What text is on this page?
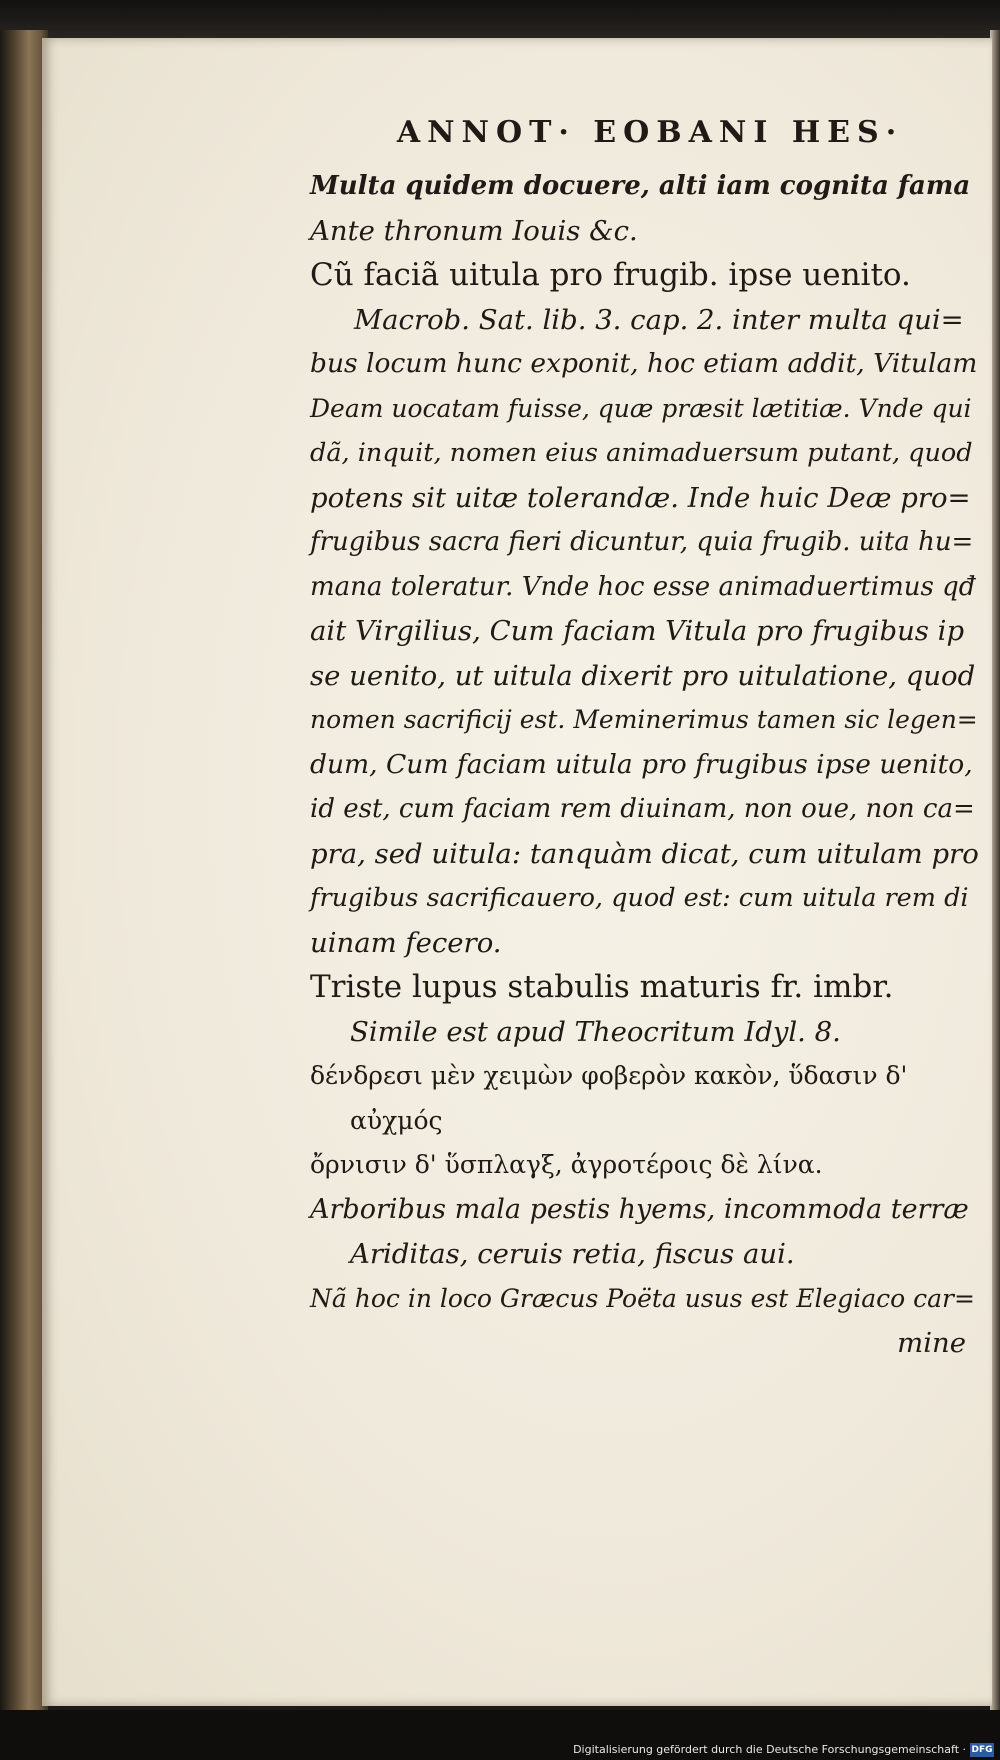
ANNOT· EOBANI HES·
Multa quidem docuere, alti iam cognita fama
Ante thronum Iouis &c.
Cũ faciã uitula pro frugib. ipse uenito.
Macrob. Sat. lib. 3. cap. 2. inter multa qui=
bus locum hunc exponit, hoc etiam addit, Vitulam
Deam uocatam fuisse, quæ præsit lætitiæ. Vnde qui
dã, inquit, nomen eius animaduersum putant, quod
potens sit uitæ tolerandæ. Inde huic Deæ pro=
frugibus sacra fieri dicuntur, quia frugib. uita hu=
mana toleratur. Vnde hoc esse animaduertimus qđ
ait Virgilius, Cum faciam Vitula pro frugibus ip
se uenito, ut uitula dixerit pro uitulatione, quod
nomen sacrificij est. Meminerimus tamen sic legen=
dum, Cum faciam uitula pro frugibus ipse uenito,
id est, cum faciam rem diuinam, non oue, non ca=
pra, sed uitula: tanquàm dicat, cum uitulam pro
frugibus sacrificauero, quod est: cum uitula rem di
uinam fecero.
Triste lupus stabulis maturis fr. imbr.
Simile est apud Theocritum Idyl. 8.
δένδρεσι μὲν χειμὼν φοβερὸν κακὸν, ὕδασιν δ'
αὐχμός
ὄρνισιν δ' ὕσπλαγξ, ἀγροτέροις δὲ λίνα.
Arboribus mala pestis hyems, incommoda terræ
Ariditas, ceruis retia, fiscus aui.
Nã hoc in loco Græcus Poëta usus est Elegiaco car=
mine
Digitalisierung gefördert durch die Deutsche Forschungsgemeinschaft · DFG
